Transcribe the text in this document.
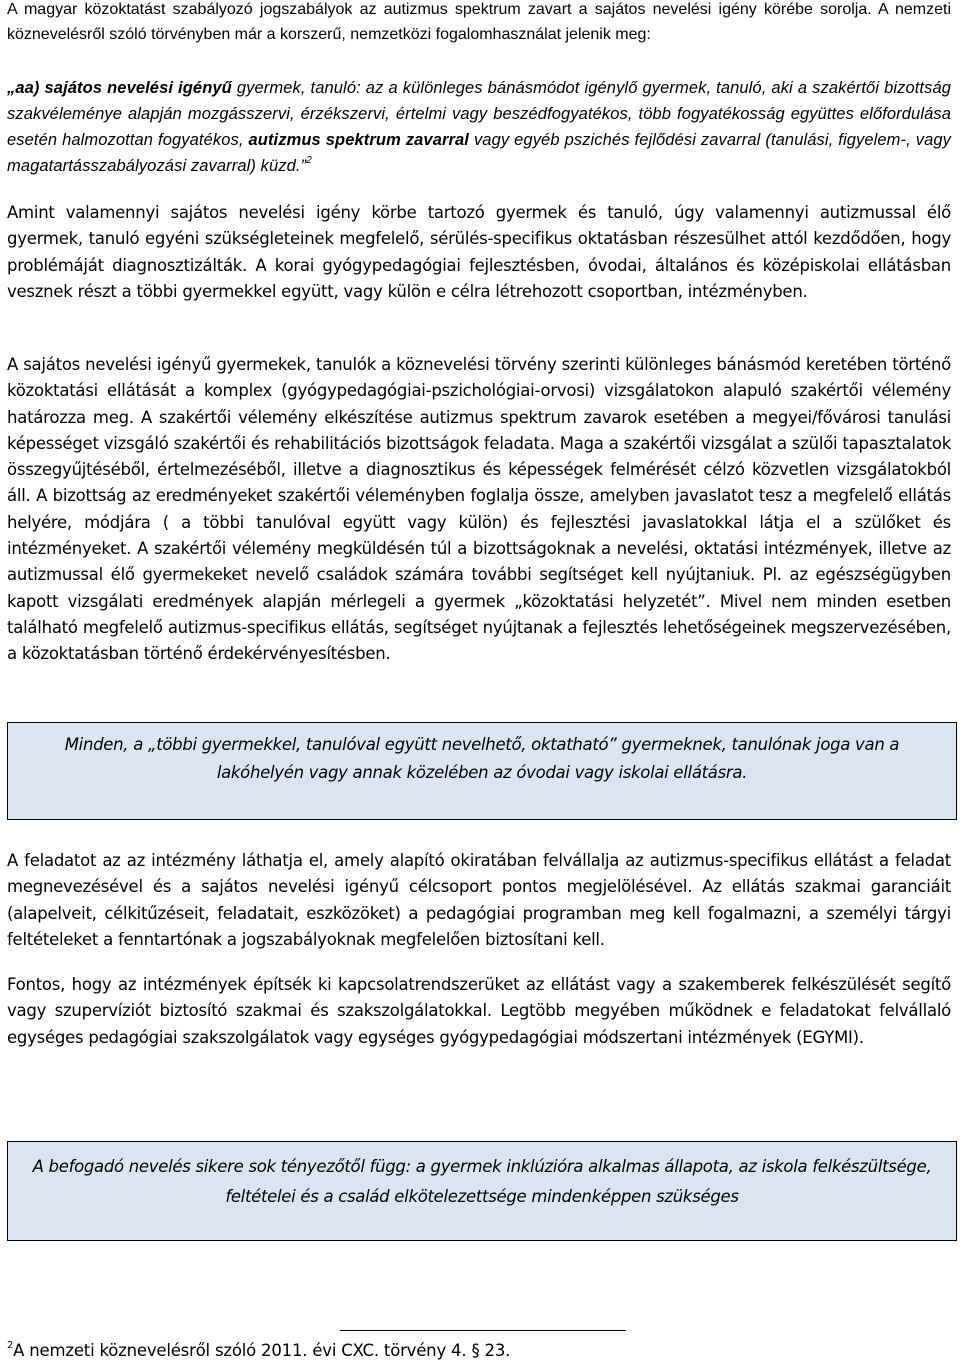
A magyar közoktatást szabályozó jogszabályok az autizmus spektrum zavart a sajátos nevelési igény körébe sorolja. A nemzeti köznevelésről szóló törvényben már a korszerű, nemzetközi fogalomhasználat jelenik meg:

„aa) sajátos nevelési igényű gyermek, tanuló: az a különleges bánásmódot igénylő gyermek, tanuló, aki a szakértői bizottság szakvéleménye alapján mozgásszervi, érzékszervi, értelmi vagy beszédfogyatékos, több fogyatékosság együttes előfordulása esetén halmozottan fogyatékos, autizmus spektrum zavarral vagy egyéb pszichés fejlődési zavarral (tanulási, figyelem-, vagy magatartásszabályozási zavarral) küzd.”$^2$

Amint valamennyi sajátos nevelési igény körbe tartozó gyermek és tanuló, úgy valamennyi autizmussal élő gyermek, tanuló egyéni szükségleteinek megfelelő, sérülés-specifikus oktatásban részesülhet attól kezdődően, hogy problémáját diagnosztizálták. A korai gyógypedagógiai fejlesztésben, óvodai, általános és középiskolai ellátásban vesznek részt a többi gyermekkel együtt, vagy külön e célra létrehozott csoportban, intézményben.

A sajátos nevelési igényű gyermekek, tanulók a köznevelési törvény szerinti különleges bánásmód keretében történő közoktatási ellátását a komplex (gyógypedagógiai-pszichológiai-orvosi) vizsgálatokon alapuló szakértői vélemény határozza meg. A szakértői vélemény elkészítése autizmus spektrum zavarok esetében a megyei/fővárosi tanulási képességet vizsgáló szakértői és rehabilitációs bizottságok feladata. Maga a szakértői vizsgálat a szülői tapasztalatok összegyűjtéséből, értelmezéséből, illetve a diagnosztikus és képességek felmérését célzó közvetlen vizsgálatokból áll. A bizottság az eredményeket szakértői véleményben foglalja össze, amelyben javaslatot tesz a megfelelő ellátás helyére, módjára ( a többi tanulóval együtt vagy külön) és fejlesztési javaslatokkal látja el a szülőket és intézményeket. A szakértői vélemény megküldésén túl a bizottságoknak a nevelési, oktatási intézmények, illetve az autizmussal élő gyermekeket nevelő családok számára további segítséget kell nyújtaniuk. Pl. az egészségügyben kapott vizsgálati eredmények alapján mérlegeli a gyermek „közoktatási helyzetét”. Mivel nem minden esetben található megfelelő autizmus-specifikus ellátás, segítséget nyújtanak a fejlesztés lehetőségeinek megszervezésében, a közoktatásban történő érdekérvényesítésben.

Minden, a „többi gyermekkel, tanulóval együtt nevelhető, oktatható” gyermeknek, tanulónak joga van a lakóhelyén vagy annak közelében az óvodai vagy iskolai ellátásra.

A feladatot az az intézmény láthatja el, amely alapító okiratában felvállalja az autizmus-specifikus ellátást a feladat megnevezésével és a sajátos nevelési igényű célcsoport pontos megjelölésével. Az ellátás szakmai garanciáit (alapelveit, célkitűzéseit, feladatait, eszközöket) a pedagógiai programban meg kell fogalmazni, a személyi tárgyi feltételeket a fenntartónak a jogszabályoknak megfelelően biztosítani kell.

Fontos, hogy az intézmények építsék ki kapcsolatrendszerüket az ellátást vagy a szakemberek felkészülését segítő vagy szupervíziót biztosító szakmai és szakszolgálatokkal. Legtöbb megyében működnek e feladatokat felvállaló egységes pedagógiai szakszolgálatok vagy egységes gyógypedagógiai módszertani intézmények (EGYMI).

A befogadó nevelés sikere sok tényezőtől függ: a gyermek inklúzióra alkalmas állapota, az iskola felkészültsége, feltételei és a család elkötelezettsége mindenképpen szükséges
$^2$A nemzeti köznevelésről szóló 2011. évi CXC. törvény 4. § 23.
